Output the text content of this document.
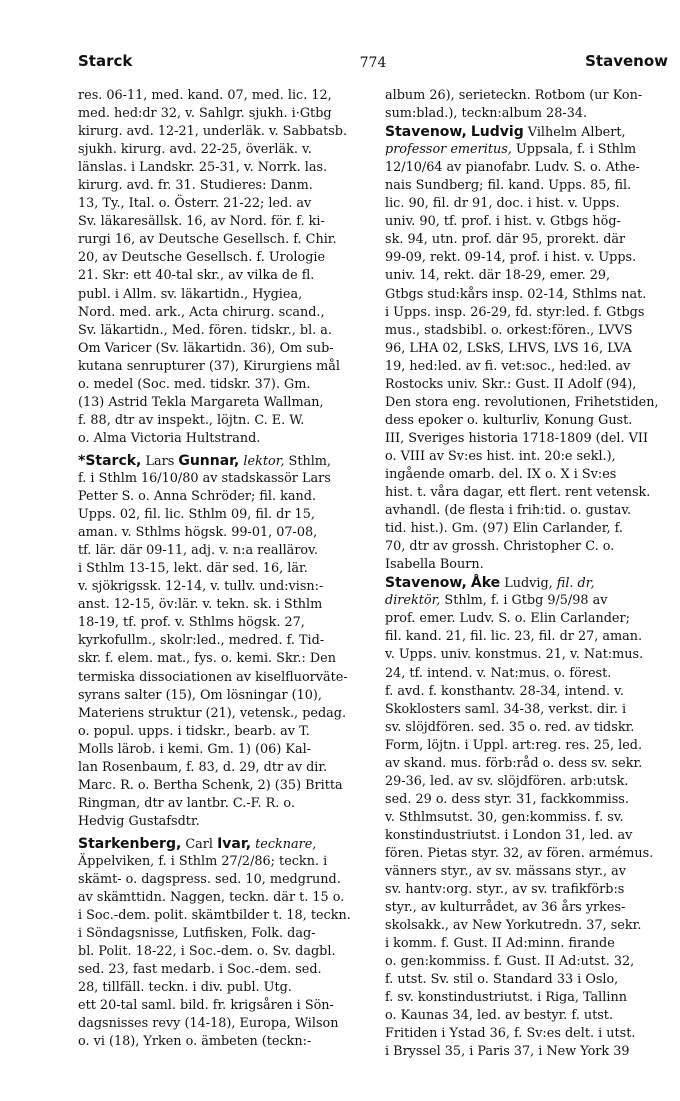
Starck	774	Stavenow
res. 06-11, med. kand. 07, med. lic. 12,
med. hed:dr 32, v. Sahlgr. sjukh. i·Gtbg
kirurg. avd. 12-21, underläk. v. Sabbatsb.
sjukh. kirurg. avd. 22-25, överläk. v.
länslas. i Landskr. 25-31, v. Norrk. las.
kirurg. avd. fr. 31. Studieres: Danm.
13, Ty., Ital. o. Österr. 21-22; led. av
Sv. läkaresällsk. 16, av Nord. för. f. ki-
rurgi 16, av Deutsche Gesellsch. f. Chir.
20, av Deutsche Gesellsch. f. Urologie
21. Skr: ett 40-tal skr., av vilka de fl.
publ. i Allm. sv. läkartidn., Hygiea,
Nord. med. ark., Acta chirurg. scand.,
Sv. läkartidn., Med. fören. tidskr., bl. a.
Om Varicer (Sv. läkartidn. 36), Om sub-
kutana senrupturer (37), Kirurgiens mål
o. medel (Soc. med. tidskr. 37). Gm.
(13) Astrid Tekla Margareta Wallman,
f. 88, dtr av inspekt., löjtn. C. E. W.
o. Alma Victoria Hultstrand.
*Starck, Lars Gunnar, lektor, Sthlm,
f. i Sthlm 16/10/80 av stadskassör Lars
Petter S. o. Anna Schröder; fil. kand.
Upps. 02, fil. lic. Sthlm 09, fil. dr 15,
aman. v. Sthlms högsk. 99-01, 07-08,
tf. lär. där 09-11, adj. v. n:a reallärov.
i Sthlm 13-15, lekt. där sed. 16, lär.
v. sjökrigssk. 12-14, v. tullv. und:visn:-
anst. 12-15, öv:lär. v. tekn. sk. i Sthlm
18-19, tf. prof. v. Sthlms högsk. 27,
kyrkofullm., skolr:led., medred. f. Tid-
skr. f. elem. mat., fys. o. kemi. Skr.: Den
termiska dissociationen av kiselfluorväte-
syrans salter (15), Om lösningar (10),
Materiens struktur (21), vetensk., pedag.
o. popul. upps. i tidskr., bearb. av T.
Molls lärob. i kemi. Gm. 1) (06) Kal-
lan Rosenbaum, f. 83, d. 29, dtr av dir.
Marc. R. o. Bertha Schenk, 2) (35) Britta
Ringman, dtr av lantbr. C.-F. R. o.
Hedvig Gustafsdtr.
Starkenberg, Carl Ivar, tecknare,
Äppelviken, f. i Sthlm 27/2/86; teckn. i
skämt- o. dagspress. sed. 10, medgrund.
av skämttidn. Naggen, teckn. där t. 15 o.
i Soc.-dem. polit. skämtbilder t. 18, teckn.
i Söndagsnisse, Lutfisken, Folk. dag-
bl. Polit. 18-22, i Soc.-dem. o. Sv. dagbl.
sed. 23, fast medarb. i Soc.-dem. sed.
28, tillfäll. teckn. i div. publ. Utg.
ett 20-tal saml. bild. fr. krigsåren i Sön-
dagsnisses revy (14-18), Europa, Wilson
o. vi (18), Yrken o. ämbeten (teckn:-
album 26), serieteckn. Rotbom (ur Kon-
sum:blad.), teckn:album 28-34.
Stavenow, Ludvig Vilhelm Albert,
professor emeritus, Uppsala, f. i Sthlm
12/10/64 av pianofabr. Ludv. S. o. Athe-
nais Sundberg; fil. kand. Upps. 85, fil.
lic. 90, fil. dr 91, doc. i hist. v. Upps.
univ. 90, tf. prof. i hist. v. Gtbgs hög-
sk. 94, utn. prof. där 95, prorekt. där
99-09, rekt. 09-14, prof. i hist. v. Upps.
univ. 14, rekt. där 18-29, emer. 29,
Gtbgs stud:kårs insp. 02-14, Sthlms nat.
i Upps. insp. 26-29, fd. styr:led. f. Gtbgs
mus., stadsbibl. o. orkest:fören., LVVS
96, LHA 02, LSkS, LHVS, LVS 16, LVA
19, hed:led. av fi. vet:soc., hed:led. av
Rostocks univ. Skr.: Gust. II Adolf (94),
Den stora eng. revolutionen, Frihetstiden,
dess epoker o. kulturliv, Konung Gust.
III, Sveriges historia 1718-1809 (del. VII
o. VIII av Sv:es hist. int. 20:e sekl.),
ingående omarb. del. IX o. X i Sv:es
hist. t. våra dagar, ett flert. rent vetensk.
avhandl. (de flesta i frih:tid. o. gustav.
tid. hist.). Gm. (97) Elin Carlander, f.
70, dtr av grossh. Christopher C. o.
Isabella Bourn.
Stavenow, Åke Ludvig, fil. dr,
direktör, Sthlm, f. i Gtbg 9/5/98 av
prof. emer. Ludv. S. o. Elin Carlander;
fil. kand. 21, fil. lic. 23, fil. dr 27, aman.
v. Upps. univ. konstmus. 21, v. Nat:mus.
24, tf. intend. v. Nat:mus. o. förest.
f. avd. f. konsthantv. 28-34, intend. v.
Skoklosters saml. 34-38, verkst. dir. i
sv. slöjdfören. sed. 35 o. red. av tidskr.
Form, löjtn. i Uppl. art:reg. res. 25, led.
av skand. mus. förb:råd o. dess sv. sekr.
29-36, led. av sv. slöjdfören. arb:utsk.
sed. 29 o. dess styr. 31, fackkommiss.
v. Sthlmsutst. 30, gen:kommiss. f. sv.
konstindustriutst. i London 31, led. av
fören. Pietas styr. 32, av fören. armémus.
vänners styr., av sv. mässans styr., av
sv. hantv:org. styr., av sv. trafikförb:s
styr., av kulturrådet, av 36 års yrkes-
skolsakk., av New Yorkutredn. 37, sekr.
i komm. f. Gust. II Ad:minn. firande
o. gen:kommiss. f. Gust. II Ad:utst. 32,
f. utst. Sv. stil o. Standard 33 i Oslo,
f. sv. konstindustriutst. i Riga, Tallinn
o. Kaunas 34, led. av bestyr. f. utst.
Fritiden i Ystad 36, f. Sv:es delt. i utst.
i Bryssel 35, i Paris 37, i New York 39
